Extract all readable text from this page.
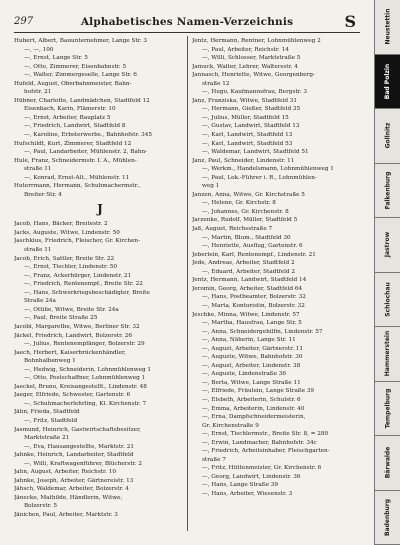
297	Alphabetisches Namen-Verzeichnis	S
Hubert, Albert, Bauunternehmer, Lange Str. 3
—, —, 100
—, Ernst, Lange Str. 5
—, Otto, Zimmerer, Eisenbahnstr. 5
—, Walter, Zimmergeselle, Lange Str. 6
Hufeld, August, Oberbahnmeister, Bahn-
hofstr. 21
Hübner, Charlotte, Landmädchen, Stadtfeld 12
Eisenbach, Karin, Flämerstr. 10
—, Ernst, Arbeiter, Bauplatz 5
—, Friedrich, Landwirt, Stadtfeld 8
—, Karoline, Erbsterwerbs., Bahnhofstr. 345
Hufschildt, Kurt, Zimmerer, Stadtfeld 12
—, Paul, Landarbeiter, Mühlenstr. 2, Bahn-
Hule, Franz, Schneidermstr. I. A., Mühlen-
straße 11
—, Konrad, Ernst-Alt., Mühlenstr. 11
Huterrmann, Hermann, Schuhmachermstr.,
Breiter Str. 4
J
Jacob, Hans, Bäcker, Breitestr. 2
Jacks, Auguste, Witwe, Lindenstr. 50
Jaschkius, Friedrich, Fleischer, Gr. Kirchen-
straße 11
Jacob, Erich, Sattler, Breite Str. 22
—, Ernst, Tischler, Lindenstr. 50
—, Franz, Ackerbürger, Lindenstr. 21
—, Friedrich, Rentenempf., Breite Str. 22
—, Hans, Schwerkriegsbeschädigter, Breite
Straße 24a
—, Ottilie, Witwe, Breite Str. 24a
—, Paul, Breite Straße 25
Jacobi, Margarethe, Witwe, Berliner Str. 32
Jäckel, Friedrich, Landwirt, Bolzerstr. 26
—, Julius, Rentenempfänger, Bolzerstr. 29
Jaech, Herbert, Kaiserbrückenhändler,
Bohnhalbenweg 1
—, Hedwig, Schneiderin, Lohnmühlenweg 1
—, Otto, Postschaffner, Lohnmühlenweg 1
Jaeckel, Bruno, Kreisangestellt., Lindenstr. 48
Jaeger, Elfriede, Schwester, Gartenstr. 6
—, Schuhmacherlehrling, Kl. Kirchenstr. 7
Jähn, Frieda, Stadtfeld
—, Fritz, Stadtfeld
Jasmund, Heinrich, Gastwirtschaftsbesitzer,
Marktstraße 21
—, Eva, Hausangestellte, Marktstr. 21
Jahnke, Heinrich, Landarbeiter, Stadtfeld
—, Willi, Kraftwagenführer, Blücherstr. 2
Jahn, August, Arbeiter, Reichstr. 10
Jahnke, Joseph, Arbeiter, Gärtnereistr. 13
Jähsch, Waldemar, Arbeiter, Bolzerstr. 4
Jänecke, Mathilde, Händlerin, Witwe,
Bolzerstr. 5
Jänichen, Paul, Arbeiter, Marktstr. 3
Jentz, Hermann, Rentner, Lohnmühlenweg 2
—, Paul, Arbeiter, Reichstr. 14
—, Willi, Schlosser, Marktstraße 5
Jamuck, Walter, Lehrer, Waltersstr. 4
Jannasch, Henriette, Witwe, Georgenberg-
straße 12
—, Hugo, Kaufmannsfrau, Bergstr. 3
Janz, Franziska, Witwe, Stadtfeld 31
—, Hermann, Gießer, Stadtfeld 35
—, Julius, Müller, Stadtfeld 15
—, Gustav, Landwirt, Stadtfeld 13
—, Karl, Landwirt, Stadtfeld 13
—, Karl, Landwirt, Stadtfeld 53
—, Waldemar, Landwirt, Stadtfeld 51
Janz, Paul, Schneider, Lindenstr. 11
—, Werkm., Handelsmann, Lohnmühlenweg 1
—, Paul, Lok.-Führer i. R., Lohnmühlen-
weg 1
Janzen, Anna, Witwe, Gr. Kirchstraße 5
—, Helene, Gr. Kirchstr. 8
—, Johannes, Gr. Kirchenstr. 8
Jarzenke, Rudolf, Müller, Stadtfeld 5
Jaß, August, Reichsstraße 7
—, Martin, Blum., Stadtfeld 30
—, Henriette, Ausflug, Gartenstr. 6
Jeberlein, Karl, Rentenempf., Lindenstr. 21
Jede, Andreas, Arbeiter, Stadtfeld 2
—, Eduard, Arbeiter, Stadtfeld 2
Jentz, Hermann, Landwirt, Stadtfeld 14
Jeromin, Georg, Arbeiter, Stadtfeld 64
—, Hans, Postbeamter, Bolzerstr. 32
—, Marta, Kontoristin, Bolzerstr. 32
Jeschke, Minna, Witwe, Lindenstr. 57
—, Martha, Hausfrau, Lange Str. 5
—, Anna, Schneidergehilfin, Lindenstr. 57
—, Anna, Näherin, Lange Str. 11
—, August, Arbeiter, Gärtnerstr. 11
—, Auguste, Witwe, Bahnhofstr. 30
—, August, Arbeiter, Lindenstr. 38
—, Auguste, Lindenstraße 36
—, Berta, Witwe, Lange Straße 11
—, Elfriede, Fräulein, Lange Straße 39
—, Elsbeth, Arbeiterin, Schulstr. 6
—, Emma, Arbeiterin, Lindenstr. 40
—, Erna, Dampfschneidermeisterin,
Gr. Kirchenstraße 9
—, Ernst, Tischlermstr., Breite Str. 8, = 280
—, Erwin, Landmacher, Bahnhofstr. 34c
—, Friedrich, Arbeitsinhaber, Fleischgarten-
straße 7
—, Fritz, Hüttenmeister, Gr. Kirchenstr. 6
—, Georg, Landwirt, Lindenstr. 36
—, Hans, Lange Straße 39
—, Hans, Arbeiter, Wiesenstr. 3
Neustettin
Bad Polzin
Gollnitz
Falkenburg
Jastrow
Schlochau
Hammerstein
Tempelburg
Bärwalde
Badenburg
